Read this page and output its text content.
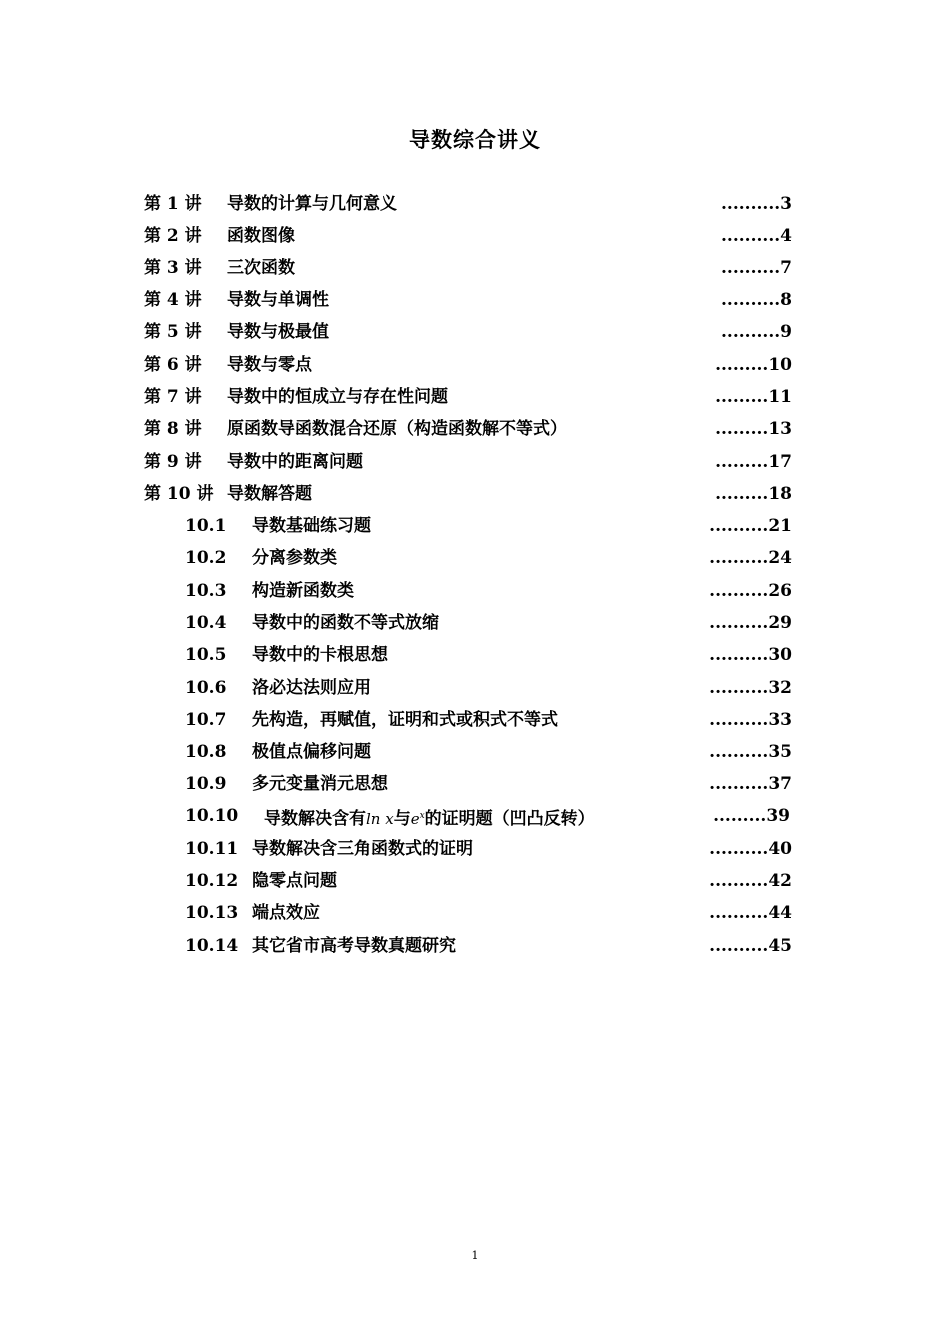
导数综合讲义
第 1 讲 导数的计算与几何意义	..........3
第 2 讲 函数图像	..........4
第 3 讲 三次函数	..........7
第 4 讲 导数与单调性	..........8
第 5 讲 导数与极最值	..........9
第 6 讲 导数与零点	.........10
第 7 讲 导数中的恒成立与存在性问题	.........11
第 8 讲 原函数导函数混合还原（构造函数解不等式）	.........13
第 9 讲 导数中的距离问题	.........17
第 10 讲 导数解答题	.........18
10.1 导数基础练习题	..........21
10.2 分离参数类	..........24
10.3 构造新函数类	..........26
10.4 导数中的函数不等式放缩	..........29
10.5 导数中的卡根思想	..........30
10.6 洛必达法则应用	..........32
10.7 先构造，再赋值，证明和式或积式不等式	..........33
10.8 极值点偏移问题	..........35
10.9 多元变量消元思想	..........37
10.10 导数解决含有ln x与$e^x$的证明题（凹凸反转）	.........39
10.11 导数解决含三角函数式的证明	..........40
10.12 隐零点问题	..........42
10.13 端点效应	..........44
10.14 其它省市高考导数真题研究	..........45
1
